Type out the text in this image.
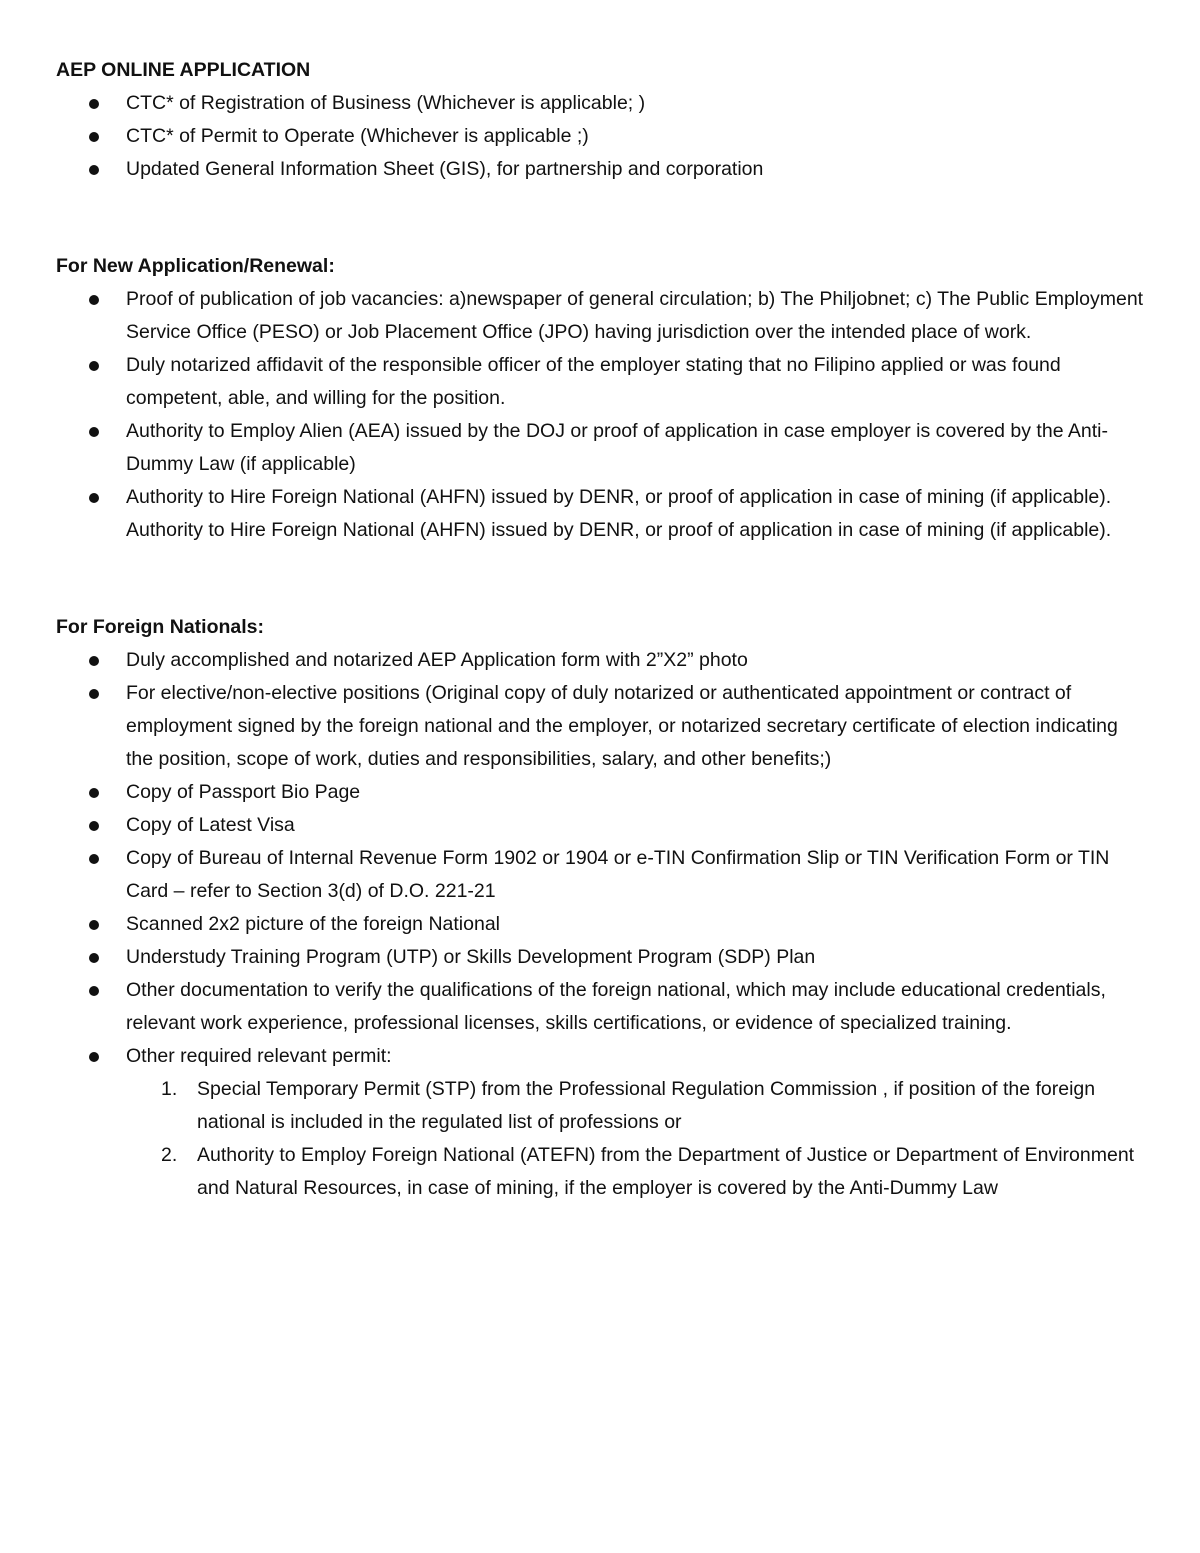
AEP ONLINE APPLICATION
CTC* of Registration of Business (Whichever is applicable; )
CTC* of Permit to Operate (Whichever is applicable ;)
Updated General Information Sheet (GIS), for partnership and corporation
For New Application/Renewal:
Proof of publication of job vacancies: a)newspaper of general circulation; b) The Philjobnet; c) The Public Employment Service Office (PESO) or Job Placement Office (JPO) having jurisdiction over the intended place of work.
Duly notarized affidavit of the responsible officer of the employer stating that no Filipino applied or was found competent, able, and willing for the position.
Authority to Employ Alien (AEA) issued by the DOJ or proof of application in case employer is covered by the Anti-Dummy Law (if applicable)
Authority to Hire Foreign National (AHFN) issued by DENR, or proof of application in case of mining (if applicable). Authority to Hire Foreign National (AHFN) issued by DENR, or proof of application in case of mining (if applicable).
For Foreign Nationals:
Duly accomplished and notarized AEP Application form with 2”X2” photo
For elective/non-elective positions (Original copy of duly notarized or authenticated appointment or contract of employment signed by the foreign national and the employer, or notarized secretary certificate of election indicating the position, scope of work, duties and responsibilities, salary, and other benefits;)
Copy of Passport Bio Page
Copy of Latest Visa
Copy of Bureau of Internal Revenue Form 1902 or 1904 or e-TIN Confirmation Slip or TIN Verification Form or TIN Card – refer to Section 3(d) of D.O. 221-21
Scanned 2x2 picture of the foreign National
Understudy Training Program (UTP) or Skills Development Program (SDP) Plan
Other documentation to verify the qualifications of the foreign national, which may include educational credentials, relevant work experience, professional licenses, skills certifications, or evidence of specialized training.
Other required relevant permit:
1. Special Temporary Permit (STP) from the Professional Regulation Commission , if position of the foreign national is included in the regulated list of professions or
2. Authority to Employ Foreign National (ATEFN) from the Department of Justice or Department of Environment and Natural Resources, in case of mining, if the employer is covered by the Anti-Dummy Law
